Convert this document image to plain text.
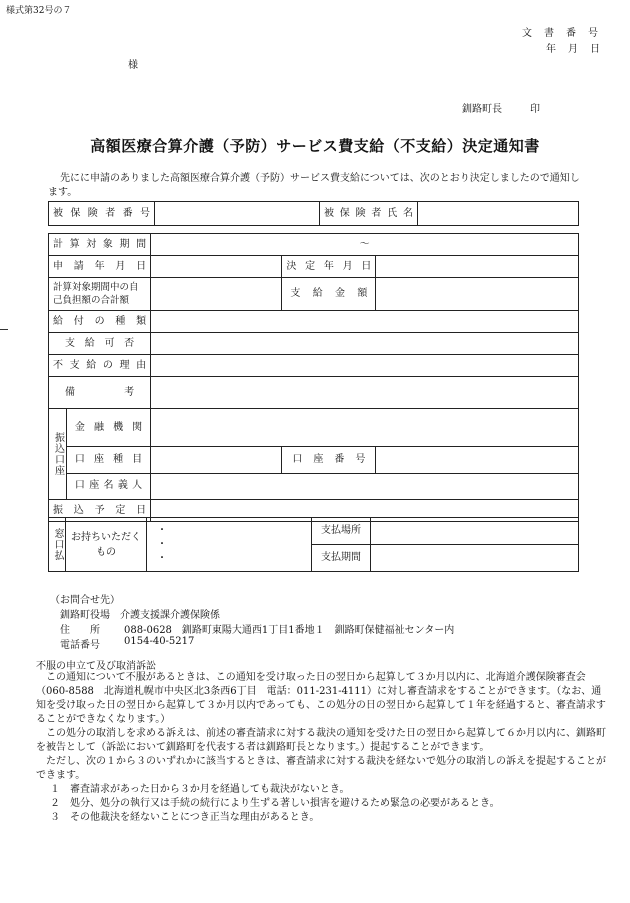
様式第32号の７
文　書　番　号
年　月　日
様
釧路町長	印
高額医療合算介護（予防）サービス費支給（不支給）決定通知書

先にに申請のありました高額医療合算介護（予防）サービス費支給については、次のとおり決定しましたので通知します。

被保険者番号		被保険者氏名

計算対象期間		～		

申請年月日			決定年月日	

計算対象期間中の自己負担額の合計額			支給金額	

給付の種類				

支給可否				

不支給の理由				

備考				

振込口座	金融機関			

	口座種目		口座番号	

	口座名義人			

振込予定日				

窓口払	お持ちいただくもの	・
・
・	支払場所	

			支払期間	

（お問合せ先）
釧路町役場　介護支援課介護保険係
住　　所 088-0628　釧路町東陽大通西1丁目1番地１　釧路町保健福祉センター内
電話番号 0154-40-5217
不服の申立て及び取消訴訟

この通知について不服があるときは、この通知を受け取った日の翌日から起算して３か月以内に、北海道介護保険審査会（060-8588　北海道札幌市中央区北3条西6丁目　電話：011-231-4111）に対し審査請求をすることができます。（なお、通知を受け取った日の翌日から起算して３か月以内であっても、この処分の日の翌日から起算して１年を経過すると、審査請求することができなくなります。）

この処分の取消しを求める訴えは、前述の審査請求に対する裁決の通知を受けた日の翌日から起算して６か月以内に、釧路町を被告として（訴訟において釧路町を代表する者は釧路町長となります。）提起することができます。

ただし、次の１から３のいずれかに該当するときは、審査請求に対する裁決を経ないで処分の取消しの訴えを提起することができます。

１　 審査請求があった日から３か月を経過しても裁決がないとき。

２　 処分、処分の執行又は手続の続行により生ずる著しい損害を避けるため緊急の必要があるとき。

３　 その他裁決を経ないことにつき正当な理由があるとき。
